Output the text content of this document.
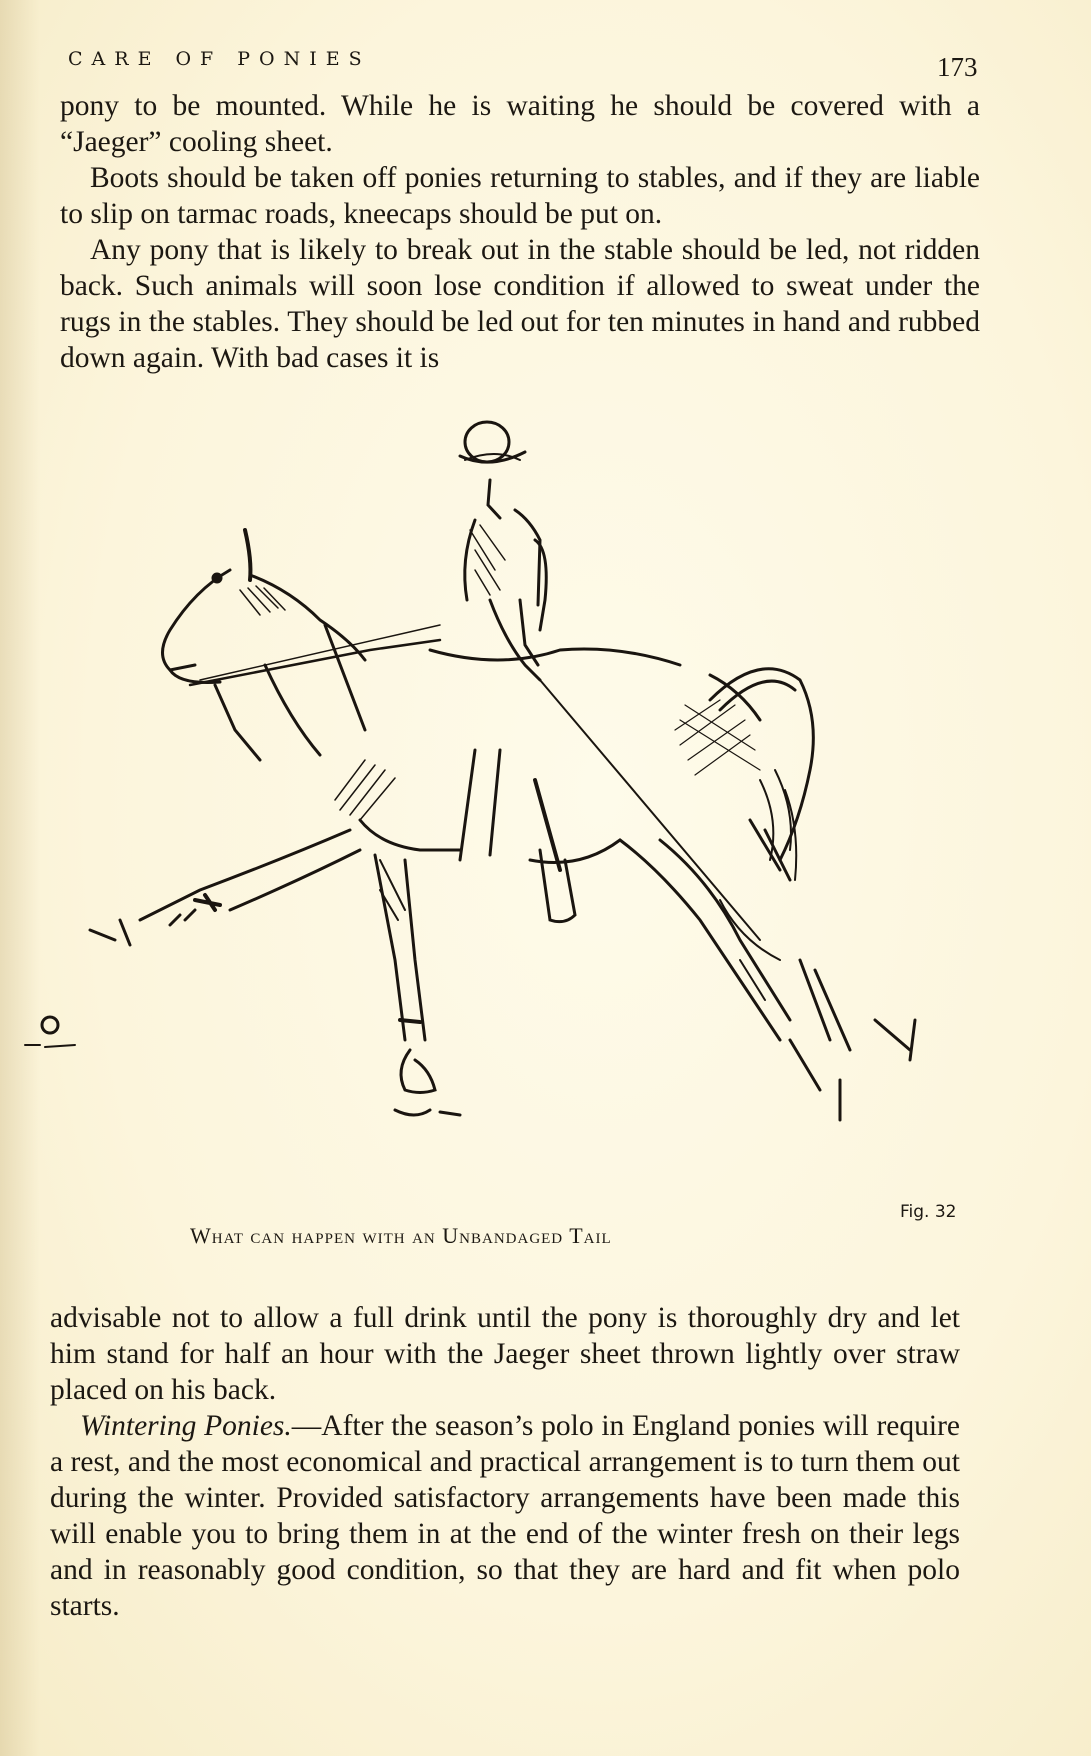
CARE OF PONIES	173

pony to be mounted. While he is waiting he should be covered with a “Jaeger” cooling sheet.

Boots should be taken off ponies returning to stables, and if they are liable to slip on tarmac roads, kneecaps should be put on.

Any pony that is likely to break out in the stable should be led, not ridden back. Such animals will soon lose condition if allowed to sweat under the rugs in the stables. They should be led out for ten minutes in hand and rubbed down again. With bad cases it is

Fig. 32
What can happen with an Unbandaged Tail

advisable not to allow a full drink until the pony is thoroughly dry and let him stand for half an hour with the Jaeger sheet thrown lightly over straw placed on his back.

Wintering Ponies.—After the season’s polo in England ponies will require a rest, and the most economical and practical arrangement is to turn them out during the winter. Provided satisfactory arrangements have been made this will enable you to bring them in at the end of the winter fresh on their legs and in reasonably good condition, so that they are hard and fit when polo starts.
